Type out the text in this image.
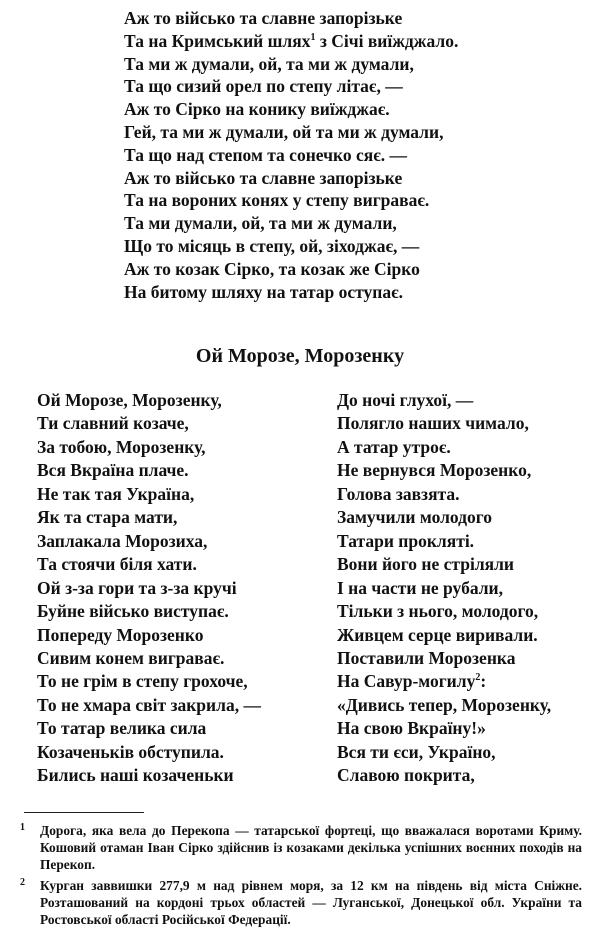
Аж то військо та славне запорізьке
Та на Кримський шлях$^1$ з Січі виїжджало.
Та ми ж думали, ой, та ми ж думали,
Та що сизий орел по степу літає, —
Аж то Сірко на конику виїжджає.
Гей, та ми ж думали, ой та ми ж думали,
Та що над степом та сонечко сяє. —
Аж то військо та славне запорізьке
Та на вороних конях у степу виграває.
Та ми думали, ой, та ми ж думали,
Що то місяць в степу, ой, зіходжає, —
Аж то козак Сірко, та козак же Сірко
На битому шляху на татар оступає.
Ой Морозе, Морозенку
Ой Морозе, Морозенку,
Ти славний козаче,
За тобою, Морозенку,
Вся Вкраїна плаче.
Не так тая Україна,
Як та стара мати,
Заплакала Морозиха,
Та стоячи біля хати.
Ой з-за гори та з-за кручі
Буйне військо виступає.
Попереду Морозенко
Сивим конем виграває.
То не грім в степу грохоче,
То не хмара світ закрила, —
То татар велика сила
Козаченьків обступила.
Бились наші козаченьки
До ночі глухої, —
Полягло наших чимало,
А татар утроє.
Не вернувся Морозенко,
Голова завзята.
Замучили молодого
Татари прокляті.
Вони його не стріляли
І на части не рубали,
Тільки з нього, молодого,
Живцем серце виривали.
Поставили Морозенка
На Савур-могилу$^2$:
«Дивись тепер, Морозенку,
На свою Вкраїну!»
Вся ти єси, Україно,
Славою покрита,
1 Дорога, яка вела до Перекопа — татарської фортеці, що вважалася воротами Криму. Кошовий отаман Іван Сірко здійснив із козаками декілька успішних воєнних походів на Перекоп.
2 Курган заввишки 277,9 м над рівнем моря, за 12 км на південь від міста Сніжне. Розташований на кордоні трьох областей — Луганської, Донецької обл. України та Ростовської області Російської Федерації.
